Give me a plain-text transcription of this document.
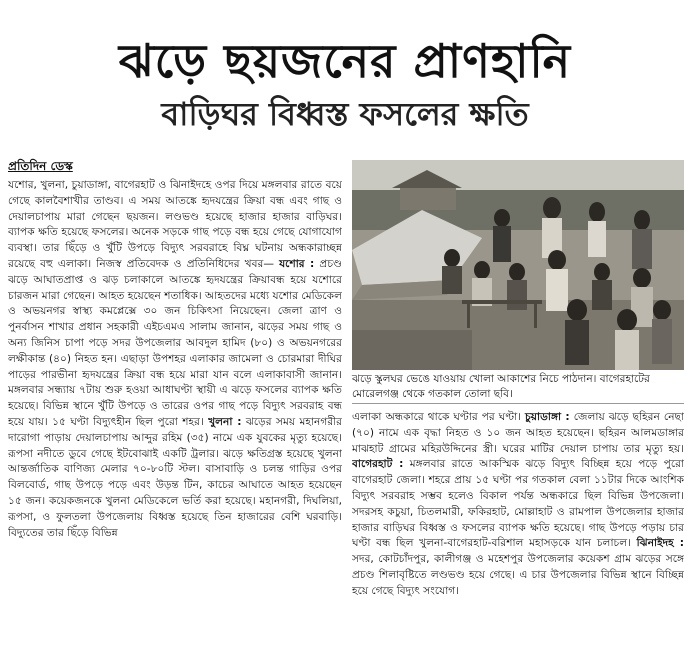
ঝড়ে ছয়জনের প্রাণহানি
বাড়িঘর বিধ্বস্ত ফসলের ক্ষতি
প্রতিদিন ডেস্ক
যশোর, খুলনা, চুয়াডাঙ্গা, বাগেরহাট ও ঝিনাইদহে ওপর দিয়ে মঙ্গলবার রাতে বয়ে গেছে কালবৈশাখীর তাণ্ডব। এ সময় আতঙ্কে হৃদযন্ত্রের ক্রিয়া বন্ধ এবং গাছ ও দেয়ালচাপায় মারা গেছেন ছয়জন। লণ্ডভণ্ড হয়েছে হাজার হাজার বাড়িঘর। ব্যাপক ক্ষতি হয়েছে ফসলের। অনেক সড়কে গাছ পড়ে বন্ধ হয়ে গেছে যোগাযোগ ব্যবস্থা। তার ছিঁড়ে ও খুঁটি উপড়ে বিদ্যুৎ সরবরাহে বিঘ্ন ঘটনায় অন্ধকারাচ্ছন্ন রয়েছে বহু এলাকা। নিজস্ব প্রতিবেদক ও প্রতিনিধিদের খবর— যশোর : প্রচণ্ড ঝড়ে আঘাতপ্রাপ্ত ও ঝড় চলাকালে আতঙ্কে হৃদযন্ত্রের ক্রিয়াবন্ধ হয়ে যশোরে চারজন মারা গেছেন। আহত হয়েছেন শতাধিক। আহতদের মধ্যে যশোর মেডিকেল ও অভয়নগর স্বাস্থ্য কমপ্লেক্সে ৩০ জন চিকিৎসা নিয়েছেন। জেলা ত্রাণ ও পুনর্বাসন শাখার প্রধান সহকারী এইচএমএ সালাম জানান, ঝড়ের সময় গাছ ও অন্য জিনিস চাপা পড়ে সদর উপজেলার আবদুল হামিদ (৮০) ও অভয়নগরের লক্ষীকান্ত (৪০) নিহত হন। এছাড়া উপশহর এলাকার জামেলা ও চোরমারা দীঘির পাড়ের পারভীনা হৃদযন্ত্রের ক্রিয়া বন্ধ হয়ে মারা যান বলে এলাকাবাসী জানান। মঙ্গলবার সন্ধ্যায় ৭টায় শুরু হওয়া আধাঘণ্টা স্থায়ী এ ঝড়ে ফসলের ব্যাপক ক্ষতি হয়েছে। বিভিন্ন স্থানে খুঁটি উপড়ে ও তারের ওপর গাছ পড়ে বিদ্যুৎ সরবরাহ বন্ধ হয়ে যায়। ১৫ ঘণ্টা বিদ্যুৎহীন ছিল পুরো শহর। খুলনা : ঝড়ের সময় মহানগরীর দারোগা পাড়ায় দেয়ালচাপায় আব্দুর রহিম (৩৫) নামে এক যুবকের মৃত্যু হয়েছে। রূপসা নদীতে ডুবে গেছে ইটবোঝাই একটি ট্রলার। ঝড়ে ক্ষতিগ্রস্ত হয়েছে খুলনা আন্তর্জাতিক বাণিজ্য মেলার ৭০-৮০টি স্টল। বাসাবাড়ি ও চলন্ত গাড়ির ওপর বিলবোর্ড, গাছ উপড়ে পড়ে এবং উড়ন্ত টিন, কাচের আঘাতে আহত হয়েছেন ১৫ জন। কয়েকজনকে খুলনা মেডিকেলে ভর্তি করা হয়েছে। মহানগরী, দিঘলিয়া, রূপসা, ও ফুলতলা উপজেলায় বিধ্বস্ত হয়েছে তিন হাজারের বেশি ঘরবাড়ি। বিদ্যুতের তার ছিঁড়ে বিভিন্ন
ঝড়ে স্কুলঘর ভেঙে যাওয়ায় খোলা আকাশের নিচে পাঠদান। বাগেরহাটের মোরেলগঞ্জ থেকে গতকাল তোলা ছবি।
এলাকা অন্ধকারে থাকে ঘণ্টার পর ঘণ্টা। চুয়াডাঙ্গা : জেলায় ঝড়ে ছহিরন নেছা (৭০) নামে এক বৃদ্ধা নিহত ও ১০ জন আহত হয়েছেন। ছহিরন আলমডাঙ্গার মাঝহাট গ্রামের মহিরউদ্দিনের স্ত্রী। ঘরের মাটির দেয়াল চাপায় তার মৃত্যু হয়। বাগেরহাট : মঙ্গলবার রাতে আকস্মিক ঝড়ে বিদ্যুৎ বিচ্ছিন্ন হয়ে পড়ে পুরো বাগেরহাট জেলা। শহরে প্রায় ১৫ ঘণ্টা পর গতকাল বেলা ১১টার দিকে আংশিক বিদ্যুৎ সরবরাহ সম্ভব হলেও বিকাল পর্যন্ত অন্ধকারে ছিল বিভিন্ন উপজেলা। সদরসহ কচুয়া, চিতলমারী, ফকিরহাট, মোল্লাহাট ও রামপাল উপজেলার হাজার হাজার বাড়িঘর বিধ্বস্ত ও ফসলের ব্যাপক ক্ষতি হয়েছে। গাছ উপড়ে পড়ায় চার ঘণ্টা বন্ধ ছিল খুলনা-বাগেরহাট-বরিশাল মহাসড়কে যান চলাচল। ঝিনাইদহ : সদর, কোটচাঁদপুর, কালীগঞ্জ ও মহেশপুর উপজেলার কয়েকশ গ্রাম ঝড়ের সঙ্গে প্রচণ্ড শিলাবৃষ্টিতে লণ্ডভণ্ড হয়ে গেছে। এ চার উপজেলার বিভিন্ন স্থানে বিচ্ছিন্ন হয়ে গেছে বিদ্যুৎ সংযোগ।
